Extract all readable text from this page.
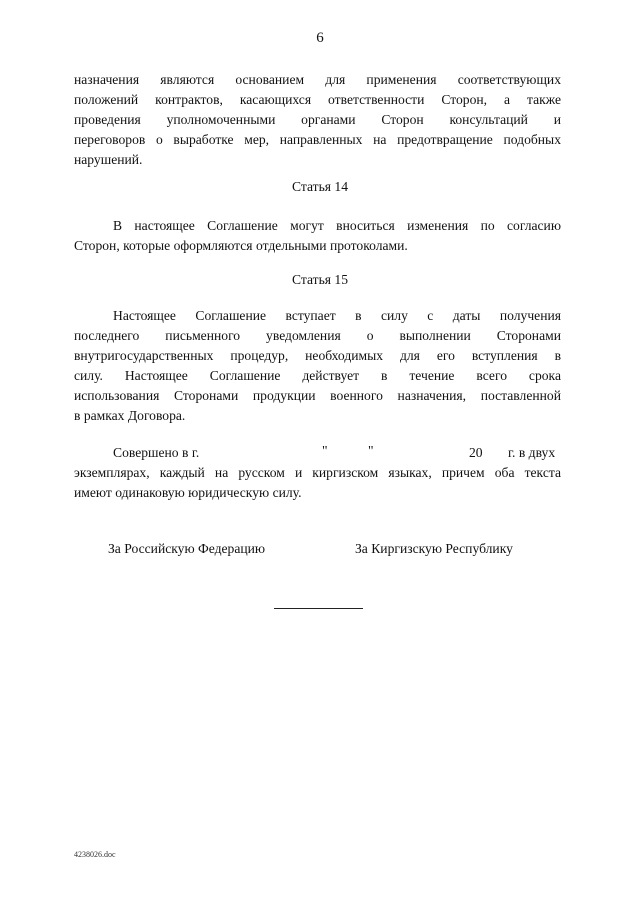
6
назначения являются основанием для применения соответствующих
положений контрактов, касающихся ответственности Сторон, а также
проведения уполномоченными органами Сторон консультаций и
переговоров о выработке мер, направленных на предотвращение подобных
нарушений.
Статья 14
В настоящее Соглашение могут вноситься изменения по согласию
Сторон, которые оформляются отдельными протоколами.
Статья 15
Настоящее Соглашение вступает в силу с даты получения
последнего письменного уведомления о выполнении Сторонами
внутригосударственных процедур, необходимых для его вступления в
силу. Настоящее Соглашение действует в течение всего срока
использования Сторонами продукции военного назначения, поставленной
в рамках Договора.
Совершено в г.	"	"	20 г. в двух
экземплярах, каждый на русском и киргизском языках, причем оба текста
имеют одинаковую юридическую силу.
За Российскую Федерацию	За Киргизскую Республику
4238026.doc
